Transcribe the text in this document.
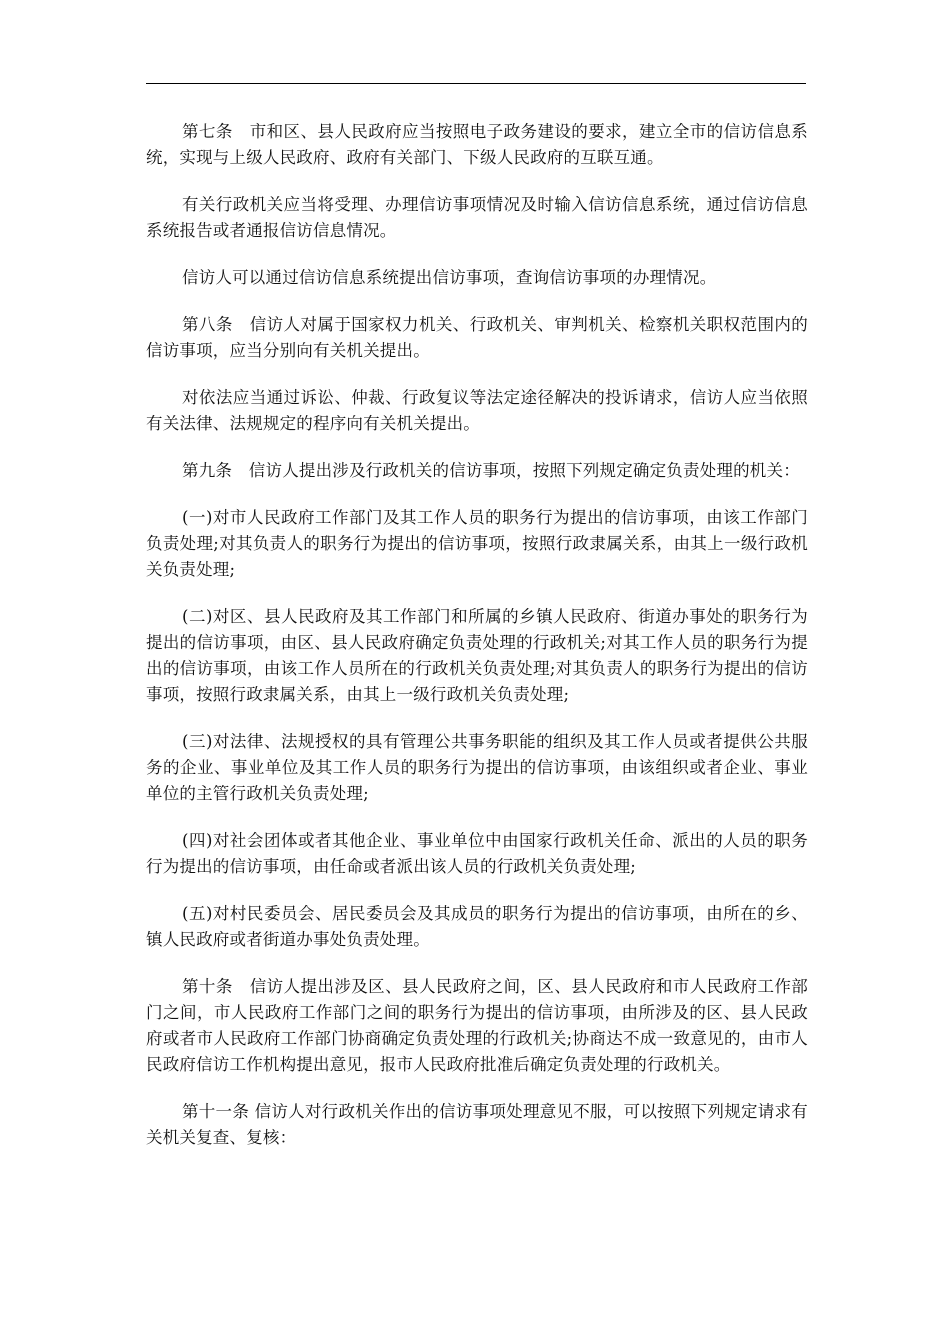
第七条　市和区、县人民政府应当按照电子政务建设的要求，建立全市的信访信息系统，实现与上级人民政府、政府有关部门、下级人民政府的互联互通。

有关行政机关应当将受理、办理信访事项情况及时输入信访信息系统，通过信访信息系统报告或者通报信访信息情况。

信访人可以通过信访信息系统提出信访事项，查询信访事项的办理情况。

第八条　信访人对属于国家权力机关、行政机关、审判机关、检察机关职权范围内的信访事项，应当分别向有关机关提出。

对依法应当通过诉讼、仲裁、行政复议等法定途径解决的投诉请求，信访人应当依照有关法律、法规规定的程序向有关机关提出。

第九条　信访人提出涉及行政机关的信访事项，按照下列规定确定负责处理的机关：

(一)对市人民政府工作部门及其工作人员的职务行为提出的信访事项，由该工作部门负责处理;对其负责人的职务行为提出的信访事项，按照行政隶属关系，由其上一级行政机关负责处理;

(二)对区、县人民政府及其工作部门和所属的乡镇人民政府、街道办事处的职务行为提出的信访事项，由区、县人民政府确定负责处理的行政机关;对其工作人员的职务行为提出的信访事项，由该工作人员所在的行政机关负责处理;对其负责人的职务行为提出的信访事项，按照行政隶属关系，由其上一级行政机关负责处理;

(三)对法律、法规授权的具有管理公共事务职能的组织及其工作人员或者提供公共服务的企业、事业单位及其工作人员的职务行为提出的信访事项，由该组织或者企业、事业单位的主管行政机关负责处理;

(四)对社会团体或者其他企业、事业单位中由国家行政机关任命、派出的人员的职务行为提出的信访事项，由任命或者派出该人员的行政机关负责处理;

(五)对村民委员会、居民委员会及其成员的职务行为提出的信访事项，由所在的乡、镇人民政府或者街道办事处负责处理。

第十条　信访人提出涉及区、县人民政府之间，区、县人民政府和市人民政府工作部门之间，市人民政府工作部门之间的职务行为提出的信访事项，由所涉及的区、县人民政府或者市人民政府工作部门协商确定负责处理的行政机关;协商达不成一致意见的，由市人民政府信访工作机构提出意见，报市人民政府批准后确定负责处理的行政机关。

第十一条 信访人对行政机关作出的信访事项处理意见不服，可以按照下列规定请求有关机关复查、复核：
